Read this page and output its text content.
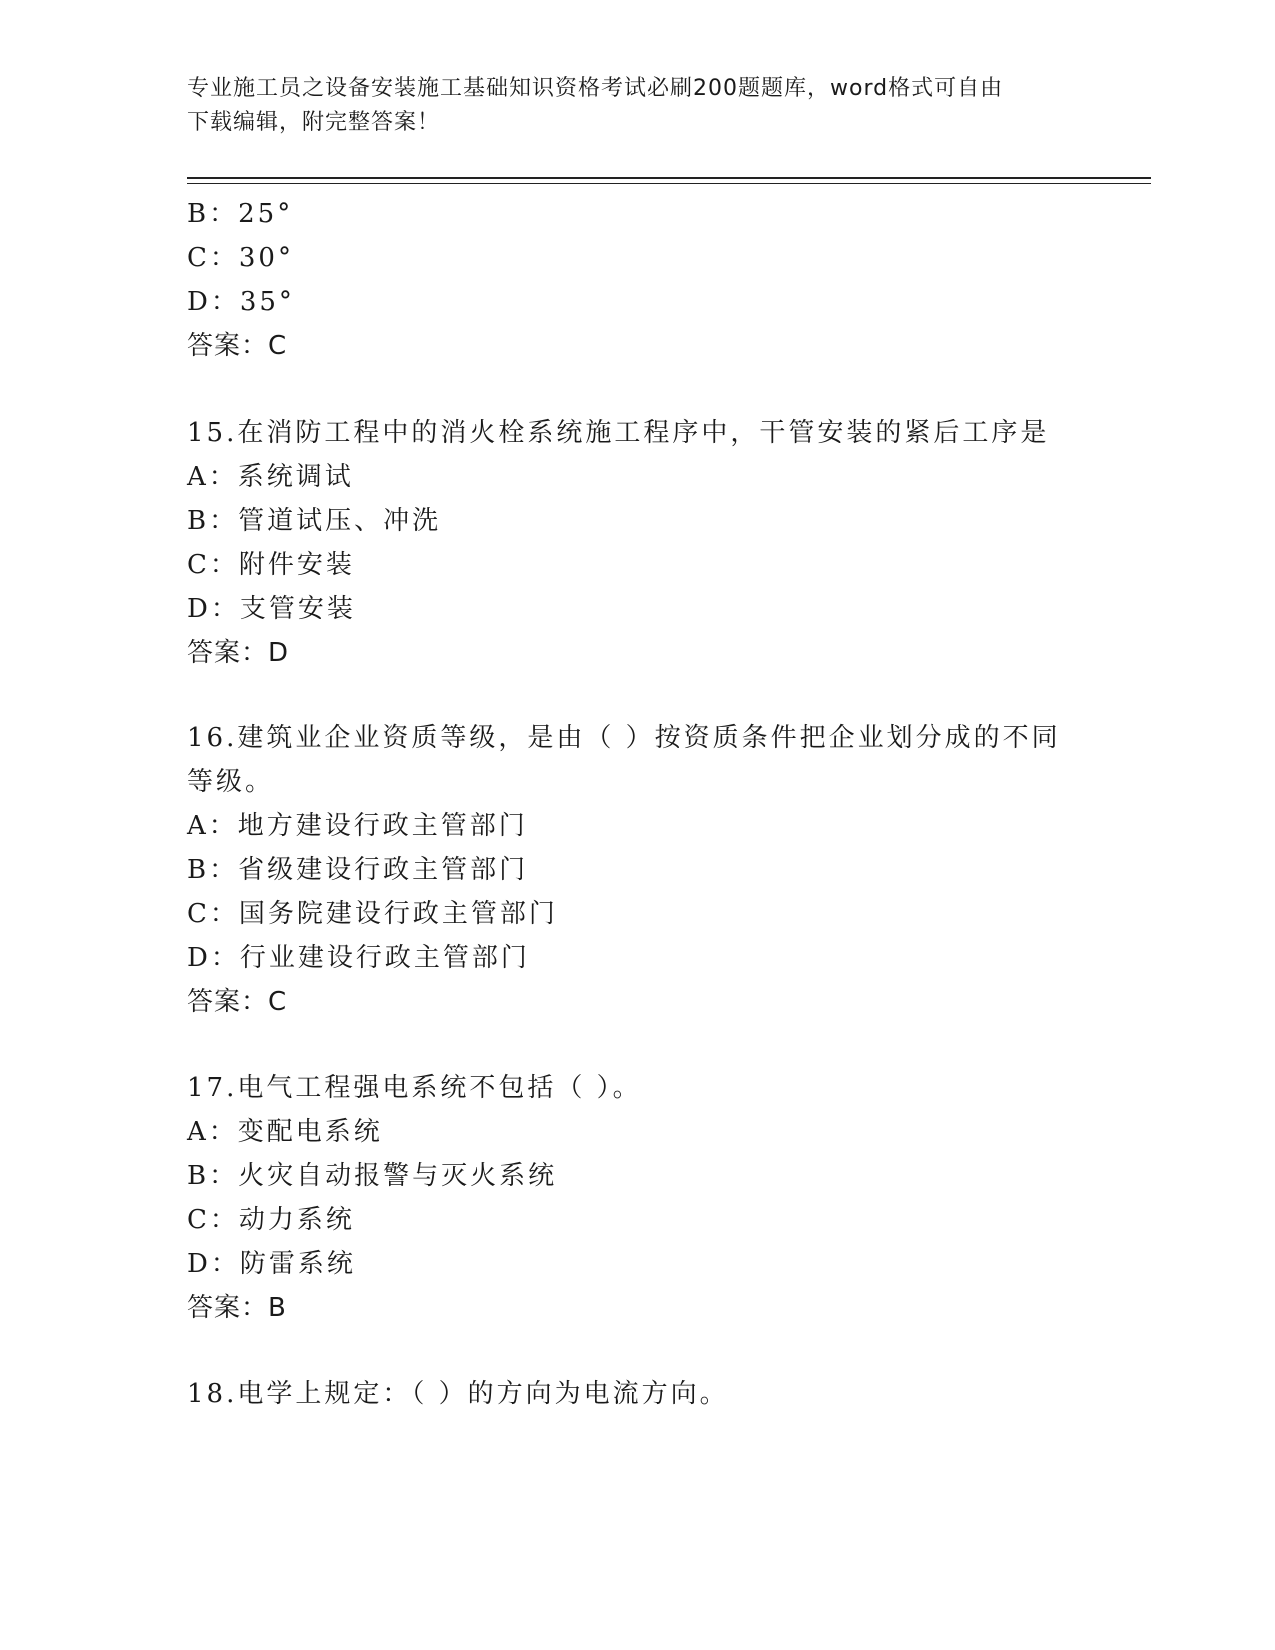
专业施工员之设备安装施工基础知识资格考试必刷200题题库，word格式可自由
下载编辑，附完整答案！
B：25°
C：30°
D：35°
答案：C
15.在消防工程中的消火栓系统施工程序中，干管安装的紧后工序是
A：系统调试
B：管道试压、冲洗
C：附件安装
D：支管安装
答案：D
16.建筑业企业资质等级，是由（ ）按资质条件把企业划分成的不同
等级。
A：地方建设行政主管部门
B：省级建设行政主管部门
C：国务院建设行政主管部门
D：行业建设行政主管部门
答案：C
17.电气工程强电系统不包括（ ）。
A：变配电系统
B：火灾自动报警与灭火系统
C：动力系统
D：防雷系统
答案：B
18.电学上规定：（ ）的方向为电流方向。
